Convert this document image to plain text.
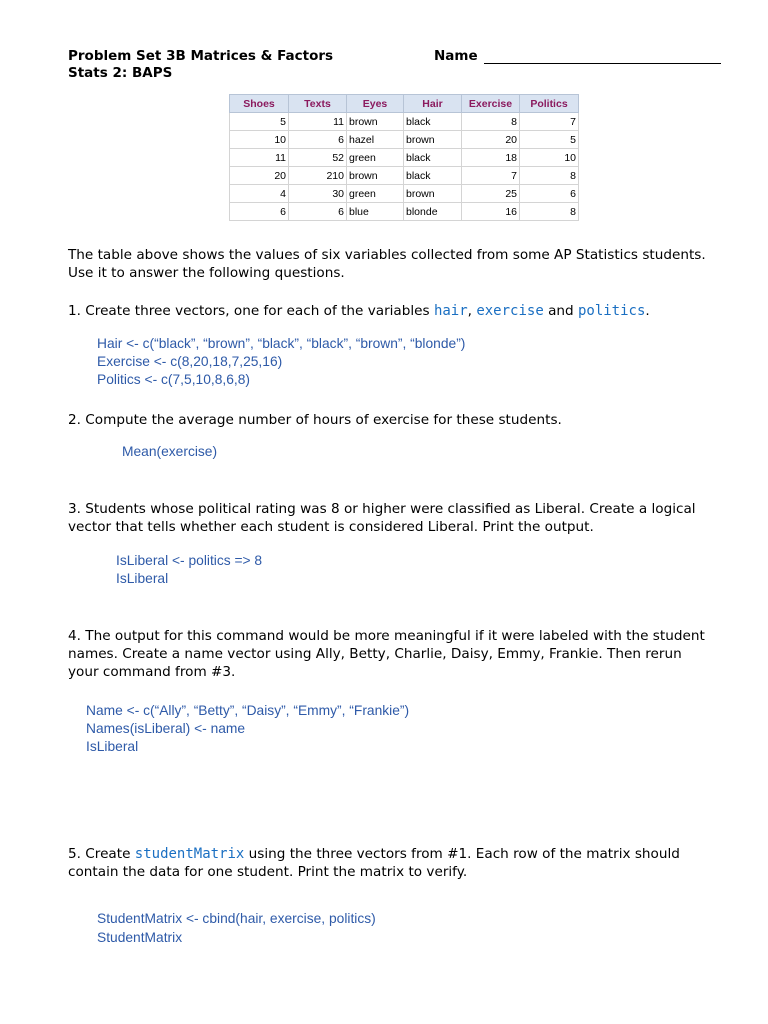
Problem Set 3B Matrices & Factors
Stats 2: BAPS
Name
Shoes	Texts	Eyes	Hair	Exercise	Politics
5	11	brown	black	8	7
10	6	hazel	brown	20	5
11	52	green	black	18	10
20	210	brown	black	7	8
4	30	green	brown	25	6
6	6	blue	blonde	16	8
The table above shows the values of six variables collected from some AP Statistics students.
Use it to answer the following questions.
1. Create three vectors, one for each of the variables hair, exercise and politics.
Hair <- c(“black”, “brown”, “black”, “black”, “brown”, “blonde”)
Exercise <- c(8,20,18,7,25,16)
Politics <- c(7,5,10,8,6,8)
2. Compute the average number of hours of exercise for these students.
Mean(exercise)
3. Students whose political rating was 8 or higher were classified as Liberal. Create a logical
vector that tells whether each student is considered Liberal. Print the output.
IsLiberal <- politics => 8
IsLiberal
4. The output for this command would be more meaningful if it were labeled with the student
names. Create a name vector using Ally, Betty, Charlie, Daisy, Emmy, Frankie. Then rerun
your command from #3.
Name <- c(“Ally”, “Betty”, “Daisy”, “Emmy”, “Frankie”)
Names(isLiberal) <- name
IsLiberal
5. Create studentMatrix using the three vectors from #1. Each row of the matrix should
contain the data for one student. Print the matrix to verify.
StudentMatrix <- cbind(hair, exercise, politics)
StudentMatrix
